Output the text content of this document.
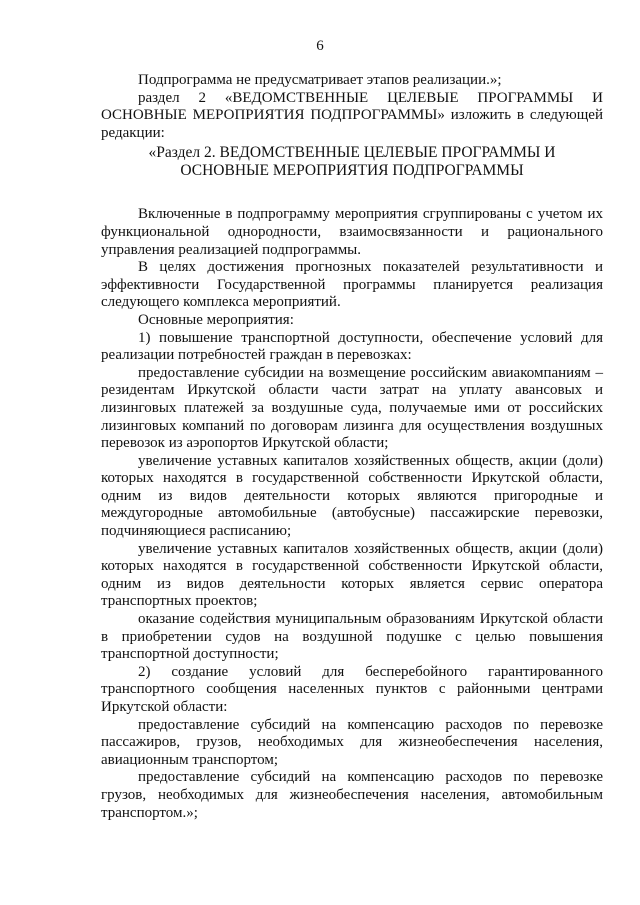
6

Подпрограмма не предусматривает этапов реализации.»;

раздел 2 «ВЕДОМСТВЕННЫЕ ЦЕЛЕВЫЕ ПРОГРАММЫ И ОСНОВНЫЕ МЕРОПРИЯТИЯ ПОДПРОГРАММЫ» изложить в следующей редакции:

«Раздел 2. ВЕДОМСТВЕННЫЕ ЦЕЛЕВЫЕ ПРОГРАММЫ И
ОСНОВНЫЕ МЕРОПРИЯТИЯ ПОДПРОГРАММЫ

Включенные в подпрограмму мероприятия сгруппированы с учетом их функциональной однородности, взаимосвязанности и рационального управления реализацией подпрограммы.

В целях достижения прогнозных показателей результативности и эффективности Государственной программы планируется реализация следующего комплекса мероприятий.

Основные мероприятия:

1) повышение транспортной доступности, обеспечение условий для реализации потребностей граждан в перевозках:

предоставление субсидии на возмещение российским авиакомпаниям – резидентам Иркутской области части затрат на уплату авансовых и лизинговых платежей за воздушные суда, получаемые ими от российских лизинговых компаний по договорам лизинга для осуществления воздушных перевозок из аэропортов Иркутской области;

увеличение уставных капиталов хозяйственных обществ, акции (доли) которых находятся в государственной собственности Иркутской области, одним из видов деятельности которых являются пригородные и междугородные автомобильные (автобусные) пассажирские перевозки, подчиняющиеся расписанию;

увеличение уставных капиталов хозяйственных обществ, акции (доли) которых находятся в государственной собственности Иркутской области, одним из видов деятельности которых является сервис оператора транспортных проектов;

оказание содействия муниципальным образованиям Иркутской области в приобретении судов на воздушной подушке с целью повышения транспортной доступности;

2) создание условий для бесперебойного гарантированного транспортного сообщения населенных пунктов с районными центрами Иркутской области:

предоставление субсидий на компенсацию расходов по перевозке пассажиров, грузов, необходимых для жизнеобеспечения населения, авиационным транспортом;

предоставление субсидий на компенсацию расходов по перевозке грузов, необходимых для жизнеобеспечения населения, автомобильным транспортом.»;
